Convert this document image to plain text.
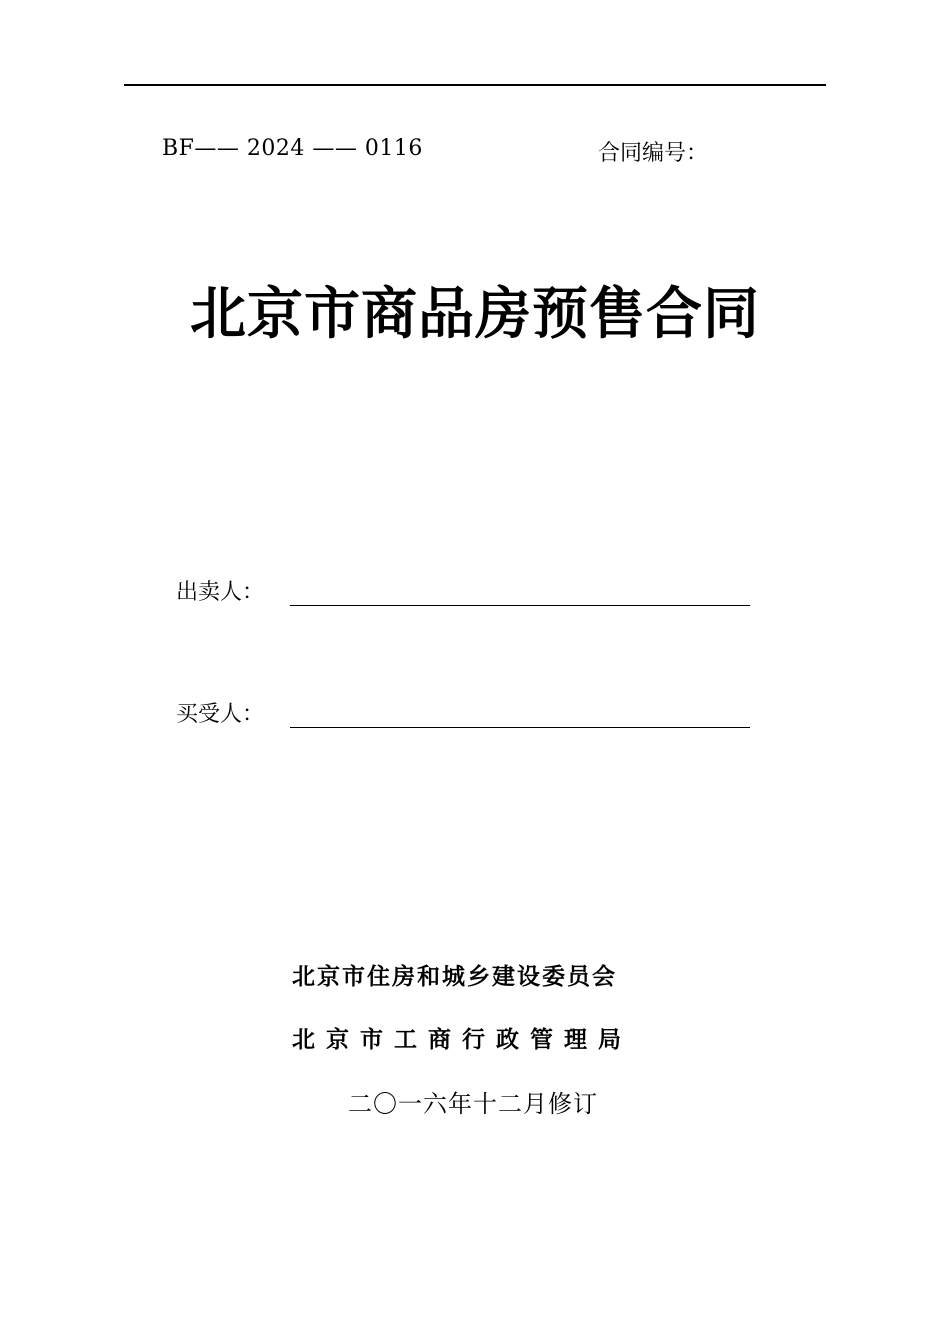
BF—— 2024 —— 0116	合同编号：
北京市商品房预售合同
出卖人：
买受人：
北京市住房和城乡建设委员会
北京市工商行政管理局
二〇一六年十二月修订
